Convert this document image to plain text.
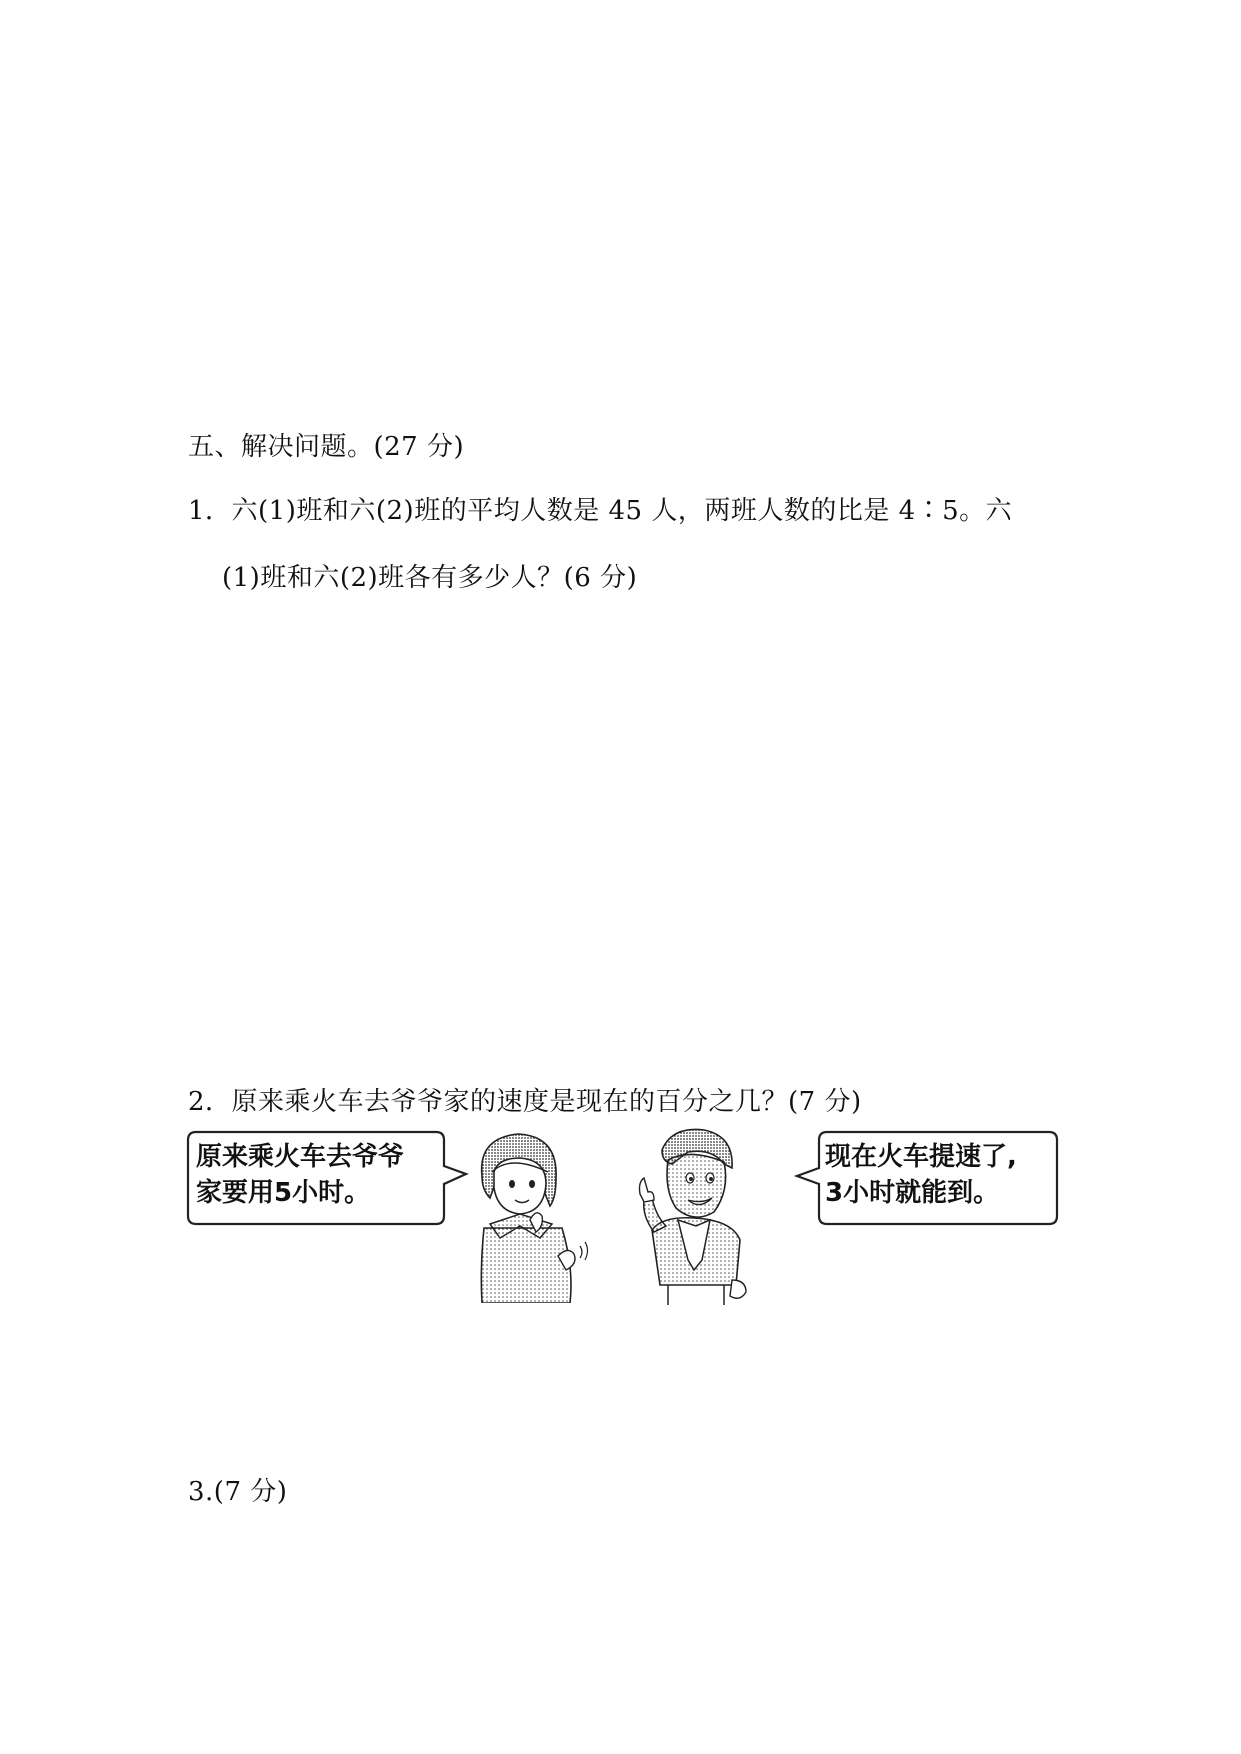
五、解决问题。(27 分)
1．六(1)班和六(2)班的平均人数是 45 人，两班人数的比是 4∶5。六
(1)班和六(2)班各有多少人？(6 分)
2．原来乘火车去爷爷家的速度是现在的百分之几？(7 分)
原来乘火车去爷爷
家要用5小时。
现在火车提速了,
3小时就能到。
3.(7 分)
